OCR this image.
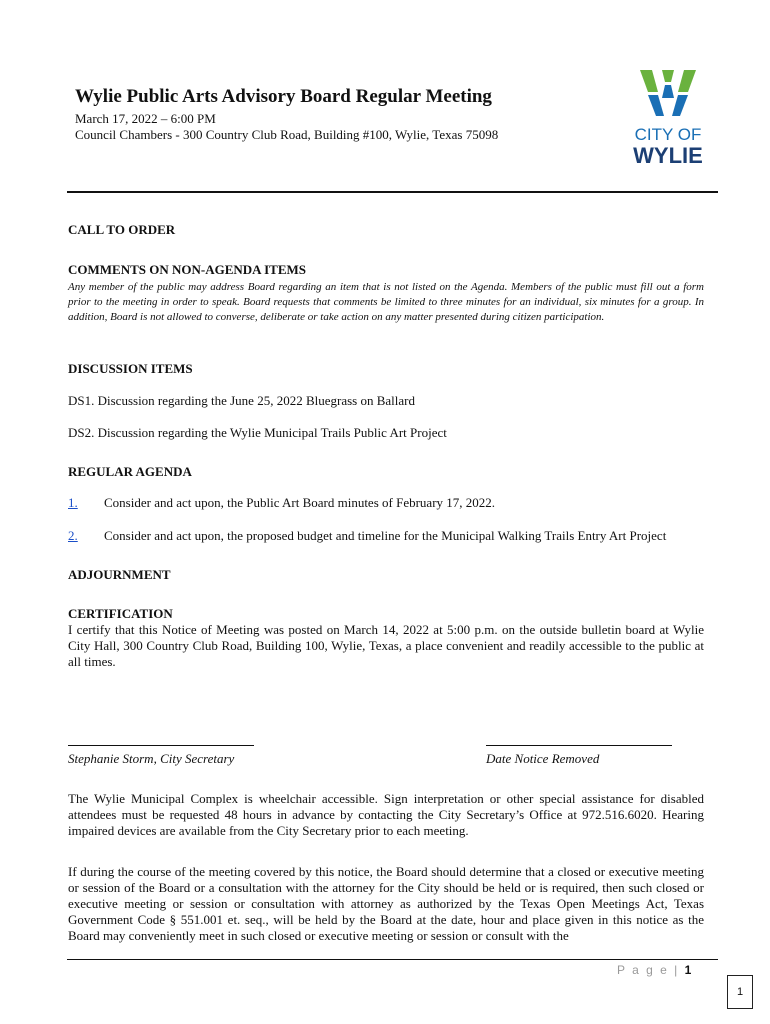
Wylie Public Arts Advisory Board Regular Meeting
March 17, 2022 – 6:00 PM
Council Chambers - 300 Country Club Road, Building #100, Wylie, Texas 75098	CITY OF
WYLIE

CALL TO ORDER

COMMENTS ON NON-AGENDA ITEMS

Any member of the public may address Board regarding an item that is not listed on the Agenda. Members of the public must fill out a form prior to the meeting in order to speak. Board requests that comments be limited to three minutes for an individual, six minutes for a group. In addition, Board is not allowed to converse, deliberate or take action on any matter presented during citizen participation.

DISCUSSION ITEMS

DS1. Discussion regarding the June 25, 2022 Bluegrass on Ballard
DS2. Discussion regarding the Wylie Municipal Trails Public Art Project

REGULAR AGENDA

1. Consider and act upon, the Public Art Board minutes of February 17, 2022.
2. Consider and act upon, the proposed budget and timeline for the Municipal Walking Trails Entry Art Project

ADJOURNMENT

CERTIFICATION

I certify that this Notice of Meeting was posted on March 14, 2022 at 5:00 p.m. on the outside bulletin board at Wylie City Hall, 300 Country Club Road, Building 100, Wylie, Texas, a place convenient and readily accessible to the public at all times.

Stephanie Storm, City Secretary	Date Notice Removed

The Wylie Municipal Complex is wheelchair accessible. Sign interpretation or other special assistance for disabled attendees must be requested 48 hours in advance by contacting the City Secretary’s Office at 972.516.6020. Hearing impaired devices are available from the City Secretary prior to each meeting.

If during the course of the meeting covered by this notice, the Board should determine that a closed or executive meeting or session of the Board or a consultation with the attorney for the City should be held or is required, then such closed or executive meeting or session or consultation with attorney as authorized by the Texas Open Meetings Act, Texas Government Code § 551.001 et. seq., will be held by the Board at the date, hour and place given in this notice as the Board may conveniently meet in such closed or executive meeting or session or consult with the

P a g e | 1
1
